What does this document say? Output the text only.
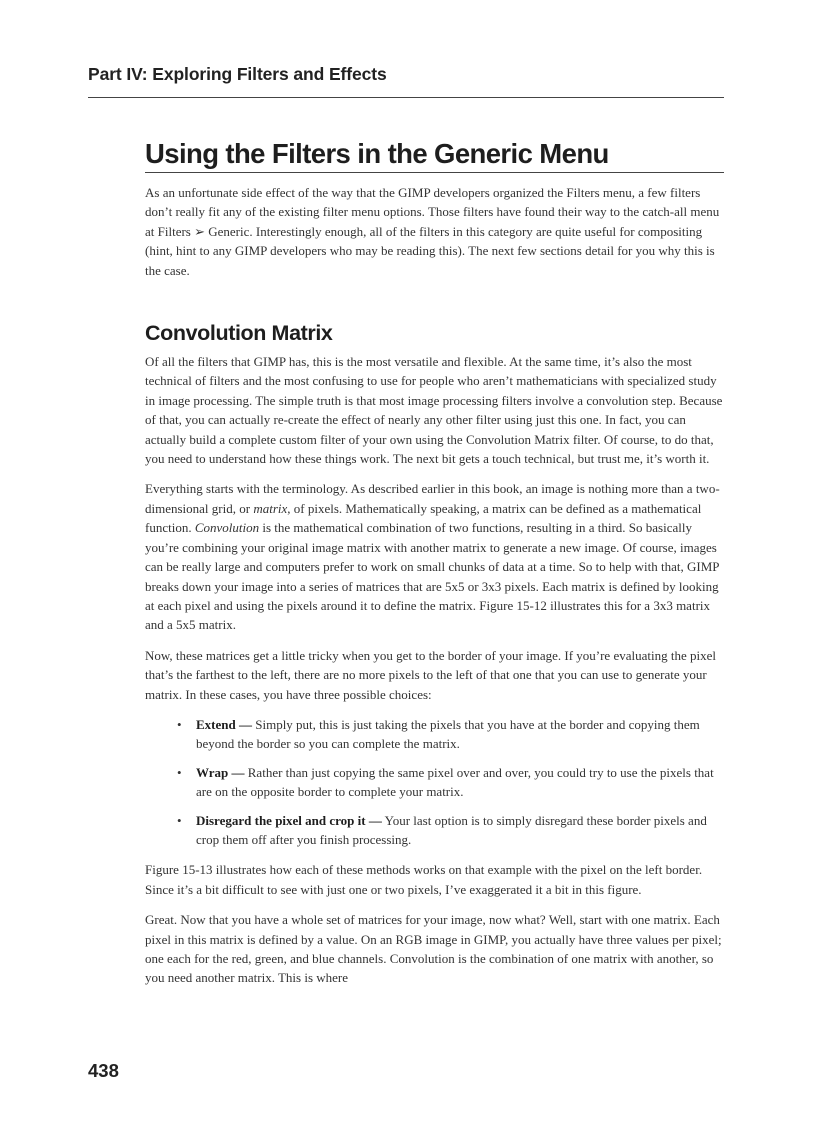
Part IV: Exploring Filters and Effects
Using the Filters in the Generic Menu

As an unfortunate side effect of the way that the GIMP developers organized the Filters menu, a few filters don’t really fit any of the existing filter menu options. Those filters have found their way to the catch-all menu at Filters ➢ Generic. Interestingly enough, all of the filters in this category are quite useful for compositing (hint, hint to any GIMP developers who may be reading this). The next few sections detail for you why this is the case.

Convolution Matrix

Of all the filters that GIMP has, this is the most versatile and flexible. At the same time, it’s also the most technical of filters and the most confusing to use for people who aren’t mathematicians with specialized study in image processing. The simple truth is that most image processing filters involve a convolution step. Because of that, you can actually re-create the effect of nearly any other filter using just this one. In fact, you can actually build a complete custom filter of your own using the Convolution Matrix filter. Of course, to do that, you need to understand how these things work. The next bit gets a touch technical, but trust me, it’s worth it.

Everything starts with the terminology. As described earlier in this book, an image is nothing more than a two-dimensional grid, or matrix, of pixels. Mathematically speaking, a matrix can be defined as a mathematical function. Convolution is the mathematical combination of two functions, resulting in a third. So basically you’re combining your original image matrix with another matrix to generate a new image. Of course, images can be really large and computers prefer to work on small chunks of data at a time. So to help with that, GIMP breaks down your image into a series of matrices that are 5x5 or 3x3 pixels. Each matrix is defined by looking at each pixel and using the pixels around it to define the matrix. Figure 15-12 illustrates this for a 3x3 matrix and a 5x5 matrix.

Now, these matrices get a little tricky when you get to the border of your image. If you’re evaluating the pixel that’s the farthest to the left, there are no more pixels to the left of that one that you can use to generate your matrix. In these cases, you have three possible choices:

• Extend — Simply put, this is just taking the pixels that you have at the border and copying them beyond the border so you can complete the matrix.
• Wrap — Rather than just copying the same pixel over and over, you could try to use the pixels that are on the opposite border to complete your matrix.
• Disregard the pixel and crop it — Your last option is to simply disregard these border pixels and crop them off after you finish processing.

Figure 15-13 illustrates how each of these methods works on that example with the pixel on the left border. Since it’s a bit difficult to see with just one or two pixels, I’ve exaggerated it a bit in this figure.

Great. Now that you have a whole set of matrices for your image, now what? Well, start with one matrix. Each pixel in this matrix is defined by a value. On an RGB image in GIMP, you actually have three values per pixel; one each for the red, green, and blue channels. Convolution is the combination of one matrix with another, so you need another matrix. This is where

438
